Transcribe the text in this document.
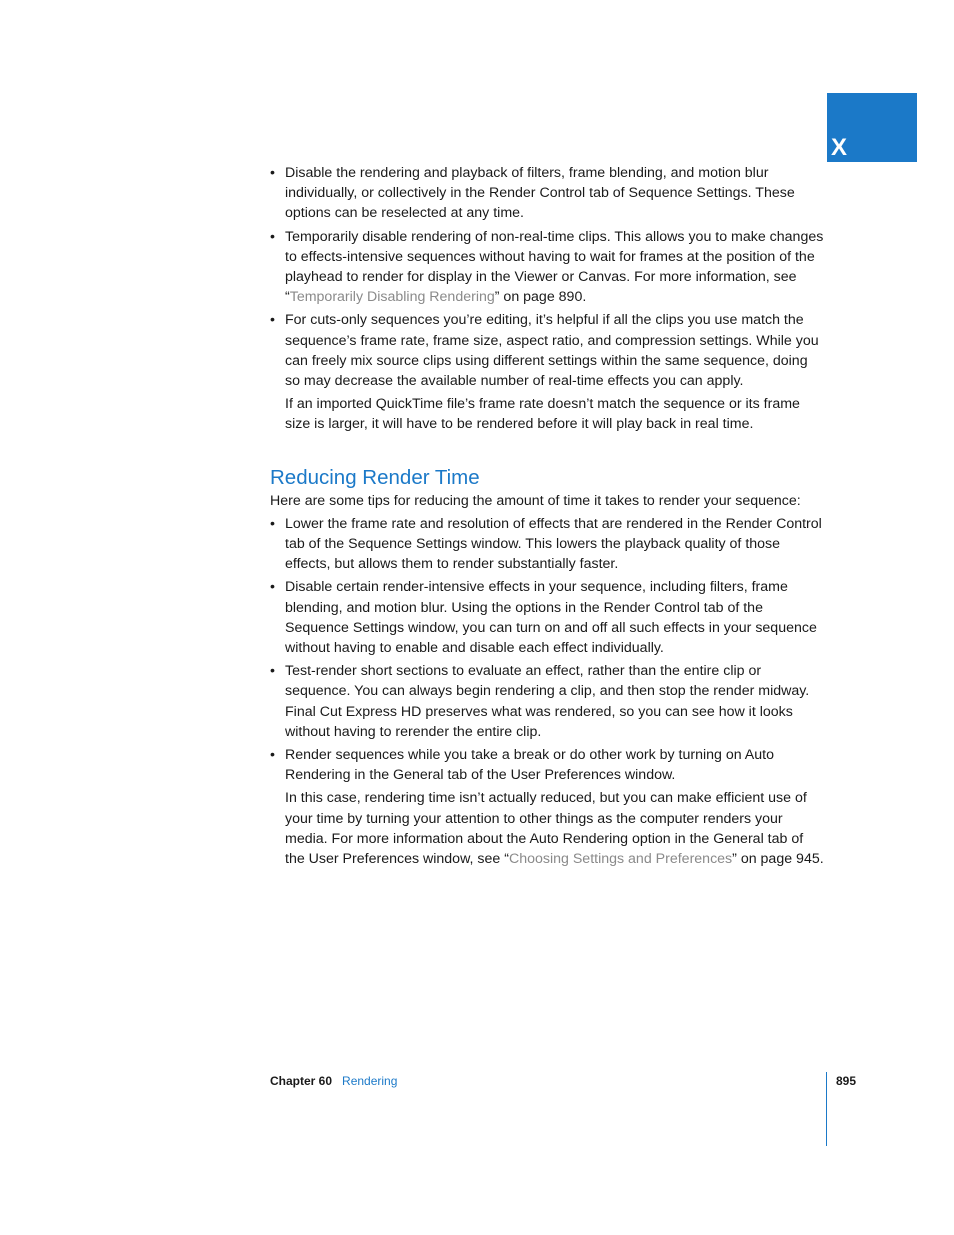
X
• Disable the rendering and playback of filters, frame blending, and motion blur individually, or collectively in the Render Control tab of Sequence Settings. These options can be reselected at any time.
• Temporarily disable rendering of non-real-time clips. This allows you to make changes to effects-intensive sequences without having to wait for frames at the position of the playhead to render for display in the Viewer or Canvas. For more information, see “Temporarily Disabling Rendering” on page 890.
• For cuts-only sequences you’re editing, it’s helpful if all the clips you use match the sequence’s frame rate, frame size, aspect ratio, and compression settings. While you can freely mix source clips using different settings within the same sequence, doing so may decrease the available number of real-time effects you can apply.

If an imported QuickTime file’s frame rate doesn’t match the sequence or its frame size is larger, it will have to be rendered before it will play back in real time.

Reducing Render Time

Here are some tips for reducing the amount of time it takes to render your sequence:

• Lower the frame rate and resolution of effects that are rendered in the Render Control tab of the Sequence Settings window. This lowers the playback quality of those effects, but allows them to render substantially faster.
• Disable certain render-intensive effects in your sequence, including filters, frame blending, and motion blur. Using the options in the Render Control tab of the Sequence Settings window, you can turn on and off all such effects in your sequence without having to enable and disable each effect individually.
• Test-render short sections to evaluate an effect, rather than the entire clip or sequence. You can always begin rendering a clip, and then stop the render midway. Final Cut Express HD preserves what was rendered, so you can see how it looks without having to rerender the entire clip.
• Render sequences while you take a break or do other work by turning on Auto Rendering in the General tab of the User Preferences window.

In this case, rendering time isn’t actually reduced, but you can make efficient use of your time by turning your attention to other things as the computer renders your media. For more information about the Auto Rendering option in the General tab of the User Preferences window, see “Choosing Settings and Preferences” on page 945.

Chapter 60 Rendering	895
